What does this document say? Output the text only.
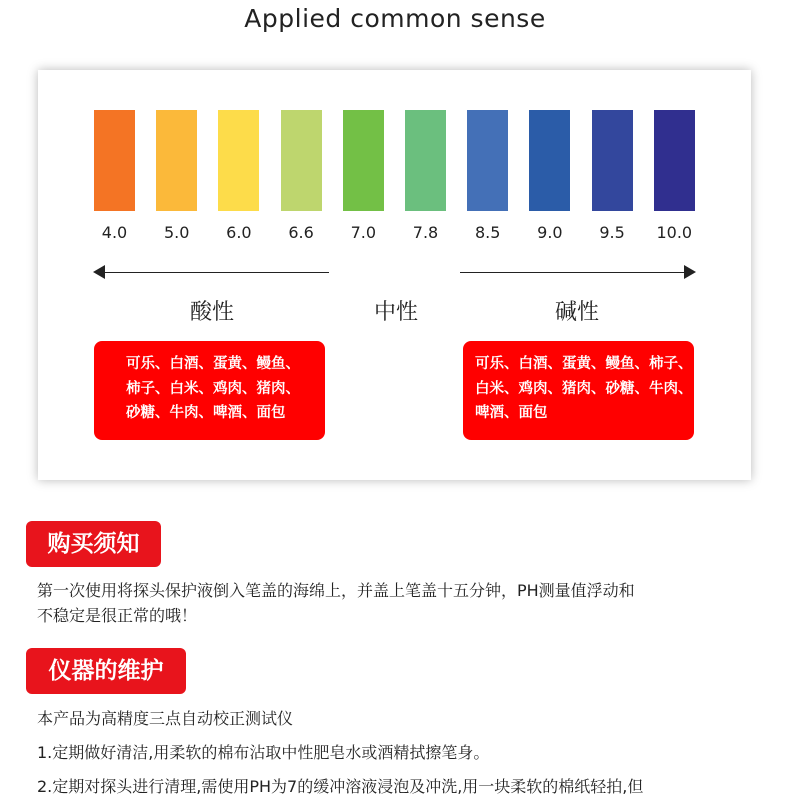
Applied common sense
4.0	5.0	6.0	6.6	7.0	7.8	8.5	9.0	9.5	10.0
酸性	中性	碱性
可乐、白酒、蛋黄、鳗鱼、
柿子、白米、鸡肉、猪肉、
砂糖、牛肉、啤酒、面包
可乐、白酒、蛋黄、鳗鱼、柿子、
白米、鸡肉、猪肉、砂糖、牛肉、
啤酒、面包
购买须知
第一次使用将探头保护液倒入笔盖的海绵上，并盖上笔盖十五分钟，PH测量值浮动和
不稳定是很正常的哦！
仪器的维护
本产品为高精度三点自动校正测试仪
1.定期做好清洁,用柔软的棉布沾取中性肥皂水或酒精拭擦笔身。
2.定期对探头进行清理,需使用PH为7的缓冲溶液浸泡及冲洗,用一块柔软的棉纸轻拍,但
